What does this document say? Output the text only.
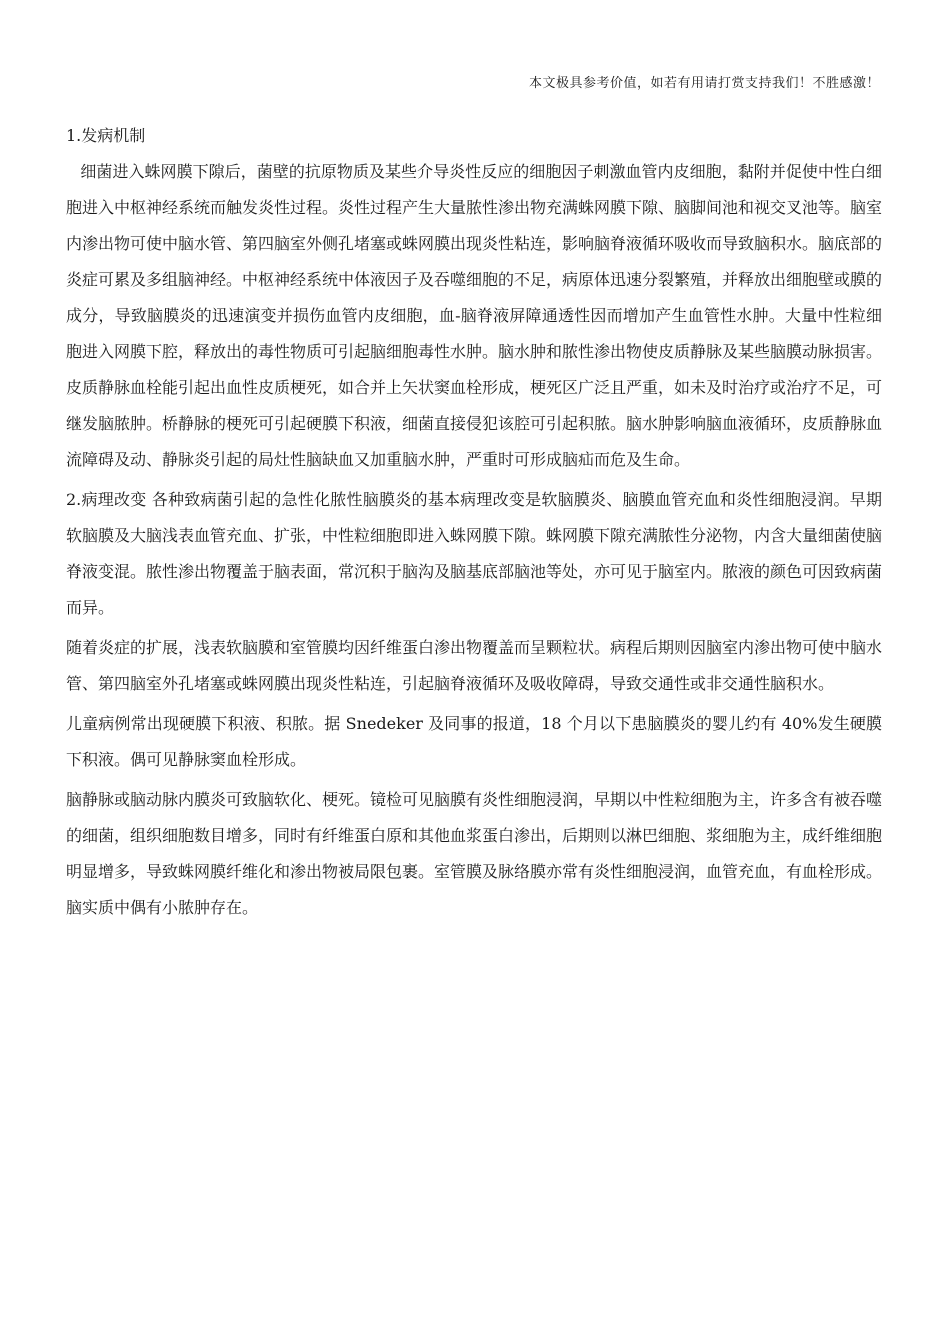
本文极具参考价值，如若有用请打赏支持我们！不胜感激！

1.发病机制

细菌进入蛛网膜下隙后，菌壁的抗原物质及某些介导炎性反应的细胞因子刺激血管内皮细胞，黏附并促使中性白细胞进入中枢神经系统而触发炎性过程。炎性过程产生大量脓性渗出物充满蛛网膜下隙、脑脚间池和视交叉池等。脑室内渗出物可使中脑水管、第四脑室外侧孔堵塞或蛛网膜出现炎性粘连，影响脑脊液循环吸收而导致脑积水。脑底部的炎症可累及多组脑神经。中枢神经系统中体液因子及吞噬细胞的不足，病原体迅速分裂繁殖，并释放出细胞壁或膜的成分，导致脑膜炎的迅速演变并损伤血管内皮细胞，血-脑脊液屏障通透性因而增加产生血管性水肿。大量中性粒细胞进入网膜下腔，释放出的毒性物质可引起脑细胞毒性水肿。脑水肿和脓性渗出物使皮质静脉及某些脑膜动脉损害。皮质静脉血栓能引起出血性皮质梗死，如合并上矢状窦血栓形成，梗死区广泛且严重，如未及时治疗或治疗不足，可继发脑脓肿。桥静脉的梗死可引起硬膜下积液，细菌直接侵犯该腔可引起积脓。脑水肿影响脑血液循环，皮质静脉血流障碍及动、静脉炎引起的局灶性脑缺血又加重脑水肿，严重时可形成脑疝而危及生命。

2.病理改变 各种致病菌引起的急性化脓性脑膜炎的基本病理改变是软脑膜炎、脑膜血管充血和炎性细胞浸润。早期软脑膜及大脑浅表血管充血、扩张，中性粒细胞即进入蛛网膜下隙。蛛网膜下隙充满脓性分泌物，内含大量细菌使脑脊液变混。脓性渗出物覆盖于脑表面，常沉积于脑沟及脑基底部脑池等处，亦可见于脑室内。脓液的颜色可因致病菌而异。

随着炎症的扩展，浅表软脑膜和室管膜均因纤维蛋白渗出物覆盖而呈颗粒状。病程后期则因脑室内渗出物可使中脑水管、第四脑室外孔堵塞或蛛网膜出现炎性粘连，引起脑脊液循环及吸收障碍，导致交通性或非交通性脑积水。

儿童病例常出现硬膜下积液、积脓。据 Snedeker 及同事的报道，18 个月以下患脑膜炎的婴儿约有 40%发生硬膜下积液。偶可见静脉窦血栓形成。

脑静脉或脑动脉内膜炎可致脑软化、梗死。镜检可见脑膜有炎性细胞浸润，早期以中性粒细胞为主，许多含有被吞噬的细菌，组织细胞数目增多，同时有纤维蛋白原和其他血浆蛋白渗出，后期则以淋巴细胞、浆细胞为主，成纤维细胞明显增多，导致蛛网膜纤维化和渗出物被局限包裹。室管膜及脉络膜亦常有炎性细胞浸润，血管充血，有血栓形成。脑实质中偶有小脓肿存在。
